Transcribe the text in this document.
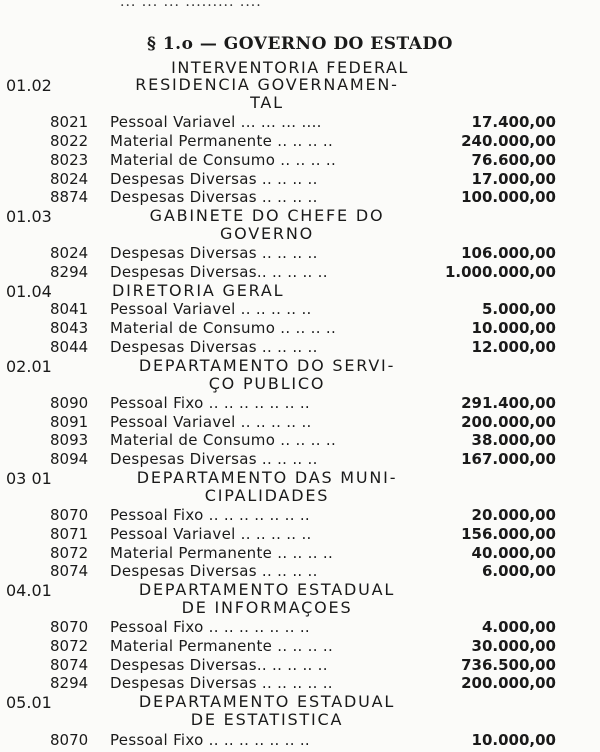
... ... ... ......... ....
§ 1.o — GOVERNO DO ESTADO
INTERVENTORIA FEDERAL
01.02	RESIDENCIA GOVERNAMEN-
TAL
8021	Pessoal Variavel ... ... ... ....	17.400,00
8022	Material Permanente .. .. .. ..	240.000,00
8023	Material de Consumo .. .. .. ..	76.600,00
8024	Despesas Diversas .. .. .. ..	17.000,00
8874	Despesas Diversas .. .. .. ..	100.000,00
01.03	GABINETE DO CHEFE DO
GOVERNO
8024	Despesas Diversas .. .. .. ..	106.000,00
8294	Despesas Diversas.. .. .. .. ..	1.000.000,00
01.04	DIRETORIA GERAL
8041	Pessoal Variavel .. .. .. .. ..	5.000,00
8043	Material de Consumo .. .. .. ..	10.000,00
8044	Despesas Diversas .. .. .. ..	12.000,00
02.01	DEPARTAMENTO DO SERVI-
ÇO PUBLICO
8090	Pessoal Fixo .. .. .. .. .. .. ..	291.400,00
8091	Pessoal Variavel .. .. .. .. ..	200.000,00
8093	Material de Consumo .. .. .. ..	38.000,00
8094	Despesas Diversas .. .. .. ..	167.000,00
03 01	DEPARTAMENTO DAS MUNI-
CIPALIDADES
8070	Pessoal Fixo .. .. .. .. .. .. ..	20.000,00
8071	Pessoal Variavel .. .. .. .. ..	156.000,00
8072	Material Permanente .. .. .. ..	40.000,00
8074	Despesas Diversas .. .. .. ..	6.000,00
04.01	DEPARTAMENTO ESTADUAL
DE INFORMAÇOES
8070	Pessoal Fixo .. .. .. .. .. .. ..	4.000,00
8072	Material Permanente .. .. .. ..	30.000,00
8074	Despesas Diversas.. .. .. .. ..	736.500,00
8294	Despesas Diversas .. .. .. .. ..	200.000,00
05.01	DEPARTAMENTO ESTADUAL
DE ESTATISTICA
8070	Pessoal Fixo .. .. .. .. .. .. ..	10.000,00
